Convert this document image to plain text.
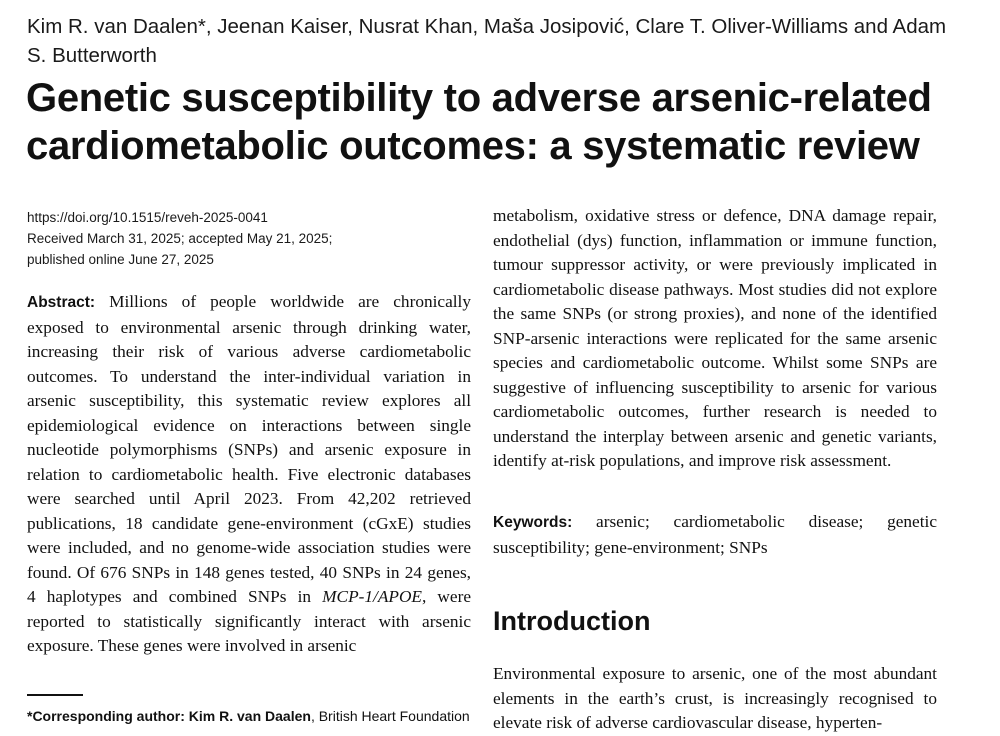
Kim R. van Daalen*, Jeenan Kaiser, Nusrat Khan, Maša Josipović, Clare T. Oliver-Williams and Adam S. Butterworth
Genetic susceptibility to adverse arsenic-related cardiometabolic outcomes: a systematic review
https://doi.org/10.1515/reveh-2025-0041
Received March 31, 2025; accepted May 21, 2025;
published online June 27, 2025

Abstract: Millions of people worldwide are chronically exposed to environmental arsenic through drinking water, increasing their risk of various adverse cardiometabolic outcomes. To understand the inter-individual variation in arsenic susceptibility, this systematic review explores all epidemiological evidence on interactions between single nucleotide polymorphisms (SNPs) and arsenic exposure in relation to cardiometabolic health. Five electronic databases were searched until April 2023. From 42,202 retrieved publications, 18 candidate gene-environment (cGxE) studies were included, and no genome-wide association studies were found. Of 676 SNPs in 148 genes tested, 40 SNPs in 24 genes, 4 haplotypes and combined SNPs in MCP-1/APOE, were reported to statistically significantly interact with arsenic exposure. These genes were involved in arsenic

metabolism, oxidative stress or defence, DNA damage repair, endothelial (dys) function, inflammation or immune function, tumour suppressor activity, or were previously implicated in cardiometabolic disease pathways. Most studies did not explore the same SNPs (or strong proxies), and none of the identified SNP-arsenic interactions were replicated for the same arsenic species and cardiometabolic outcome. Whilst some SNPs are suggestive of influencing susceptibility to arsenic for various cardiometabolic outcomes, further research is needed to understand the interplay between arsenic and genetic variants, identify at-risk populations, and improve risk assessment.

Keywords: arsenic; cardiometabolic disease; genetic susceptibility; gene-environment; SNPs

Introduction

Environmental exposure to arsenic, one of the most abundant elements in the earth’s crust, is increasingly recognised to elevate risk of adverse cardiovascular disease, hyperten-

*Corresponding author: Kim R. van Daalen, British Heart Foundation
